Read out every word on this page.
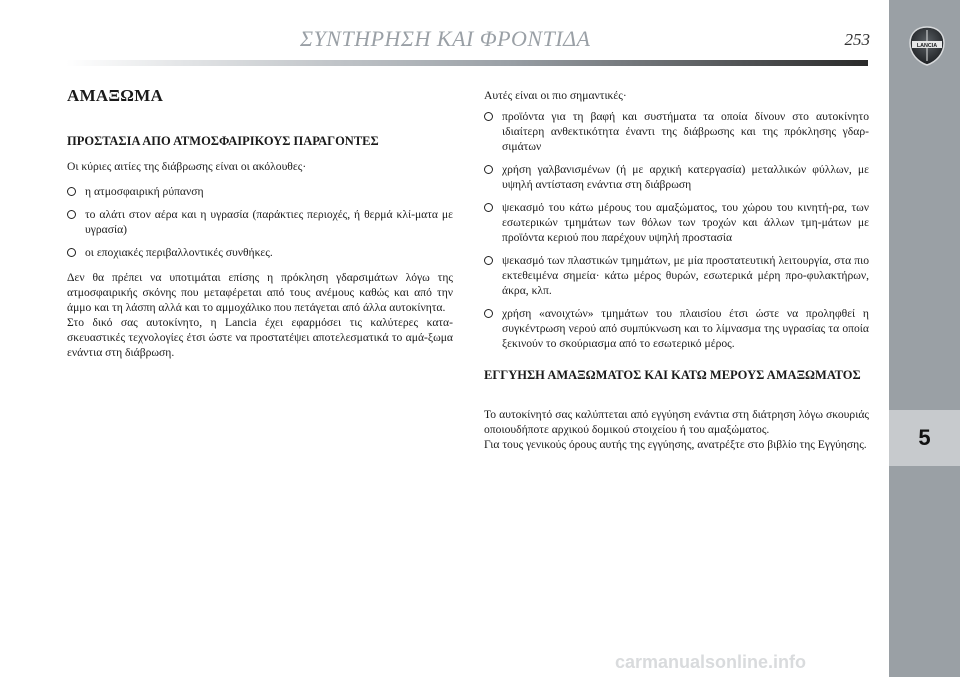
ΣΥΝΤΗΡΗΣΗ ΚΑΙ ΦΡΟΝΤΙΔΑ	253	LANCIA
5
ΑΜΑΞΩΜΑ
ΠΡΟΣΤΑΣΙΑ ΑΠΟ ΑΤΜΟΣΦΑΙΡΙΚΟΥΣ ΠΑΡΑΓΟΝΤΕΣ

Οι κύριες αιτίες της διάβρωσης είναι οι ακόλουθες·

η ατμοσφαιρική ρύπανση
το αλάτι στον αέρα και η υγρασία (παράκτιες περιοχές, ή θερμά κλί-ματα με υγρασία)
οι εποχιακές περιβαλλοντικές συνθήκες.

Δεν θα πρέπει να υποτιμάται επίσης η πρόκληση γδαρσιμάτων λόγω της ατμοσφαιρικής σκόνης που μεταφέρεται από τους ανέμους καθώς και από την άμμο και τη λάσπη αλλά και το αμμοχάλικο που πετάγεται από άλλα αυτοκίνητα.

Στο δικό σας αυτοκίνητο, η Lancia έχει εφαρμόσει τις καλύτερες κατα-σκευαστικές τεχνολογίες έτσι ώστε να προστατέψει αποτελεσματικά το αμά-ξωμα ενάντια στη διάβρωση.

Αυτές είναι οι πιο σημαντικές·

προϊόντα για τη βαφή και συστήματα τα οποία δίνουν στο αυτοκίνητο ιδιαίτερη ανθεκτικότητα έναντι της διάβρωσης και της πρόκλησης γδαρ-σιμάτων
χρήση γαλβανισμένων (ή με αρχική κατεργασία) μεταλλικών φύλλων, με υψηλή αντίσταση ενάντια στη διάβρωση
ψεκασμό του κάτω μέρους του αμαξώματος, του χώρου του κινητή-ρα, των εσωτερικών τμημάτων των θόλων των τροχών και άλλων τμη-μάτων με προϊόντα κεριού που παρέχουν υψηλή προστασία
ψεκασμό των πλαστικών τμημάτων, με μία προστατευτική λειτουργία, στα πιο εκτεθειμένα σημεία· κάτω μέρος θυρών, εσωτερικά μέρη προ-φυλακτήρων, άκρα, κλπ.
χρήση «ανοιχτών» τμημάτων του πλαισίου έτσι ώστε να προληφθεί η συγκέντρωση νερού από συμπύκνωση και το λίμνασμα της υγρασίας τα οποία ξεκινούν το σκούριασμα από το εσωτερικό μέρος.
ΕΓΓΥΗΣΗ ΑΜΑΞΩΜΑΤΟΣ ΚΑΙ ΚΑΤΩ ΜΕΡΟΥΣ ΑΜΑΞΩΜΑΤΟΣ

Το αυτοκίνητό σας καλύπτεται από εγγύηση ενάντια στη διάτρηση λόγω σκουριάς οποιουδήποτε αρχικού δομικού στοιχείου ή του αμαξώματος.

Για τους γενικούς όρους αυτής της εγγύησης, ανατρέξτε στο βιβλίο της Εγγύησης.

carmanualsonline.info
